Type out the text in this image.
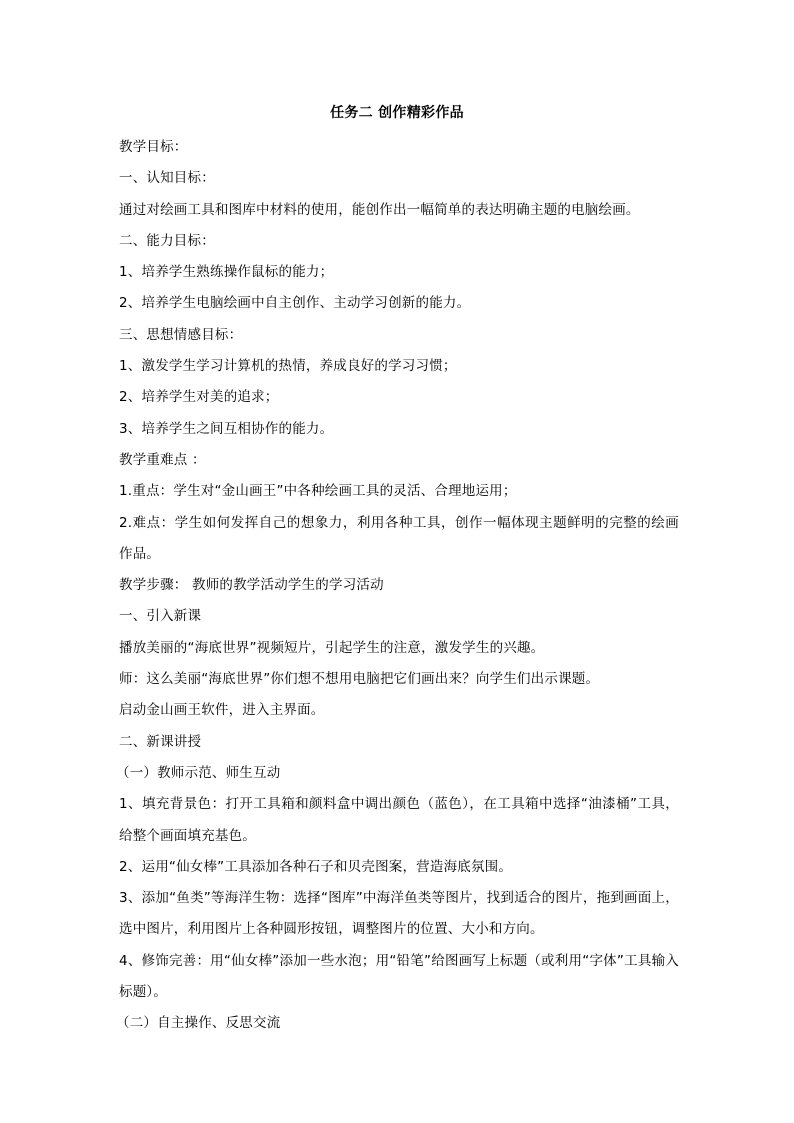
任务二 创作精彩作品
教学目标：
一、认知目标：
通过对绘画工具和图库中材料的使用，能创作出一幅简单的表达明确主题的电脑绘画。
二、能力目标：
1、培养学生熟练操作鼠标的能力；
2、培养学生电脑绘画中自主创作、主动学习创新的能力。
三、思想情感目标：
1、激发学生学习计算机的热情，养成良好的学习习惯；
2、培养学生对美的追求；
3、培养学生之间互相协作的能力。
教学重难点 ：
1.重点：学生对“金山画王”中各种绘画工具的灵活、合理地运用；
2.难点：学生如何发挥自己的想象力，利用各种工具，创作一幅体现主题鲜明的完整的绘画作品。
教学步骤： 教师的教学活动学生的学习活动
一、引入新课
播放美丽的“海底世界”视频短片，引起学生的注意，激发学生的兴趣。
师：这么美丽“海底世界”你们想不想用电脑把它们画出来？向学生们出示课题。
启动金山画王软件，进入主界面。
二、新课讲授
（一）教师示范、师生互动
1、填充背景色：打开工具箱和颜料盒中调出颜色（蓝色），在工具箱中选择“油漆桶”工具，给整个画面填充基色。
2、运用“仙女棒”工具添加各种石子和贝壳图案，营造海底氛围。
3、添加“鱼类”等海洋生物：选择“图库”中海洋鱼类等图片，找到适合的图片，拖到画面上，选中图片，利用图片上各种圆形按钮，调整图片的位置、大小和方向。
4、修饰完善：用“仙女棒”添加一些水泡；用“铅笔”给图画写上标题（或利用“字体”工具输入标题）。
（二）自主操作、反思交流
